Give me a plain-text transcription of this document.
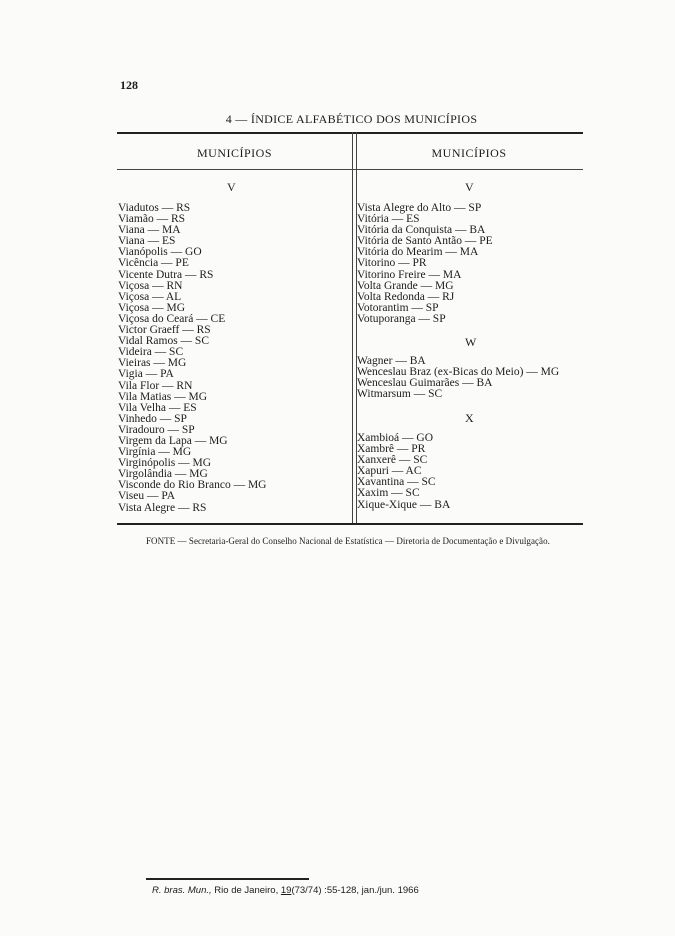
128
4 — ÍNDICE ALFABÉTICO DOS MUNICÍPIOS
MUNICÍPIOS	MUNICÍPIOS
V
Viadutos — RS
Viamão — RS
Viana — MA
Viana — ES
Vianópolis — GO
Vicência — PE
Vicente Dutra — RS
Viçosa — RN
Viçosa — AL
Viçosa — MG
Viçosa do Ceará — CE
Victor Graeff — RS
Vidal Ramos — SC
Videira — SC
Vieiras — MG
Vigia — PA
Vila Flor — RN
Vila Matias — MG
Vila Velha — ES
Vinhedo — SP
Viradouro — SP
Virgem da Lapa — MG
Virgínia — MG
Virginópolis — MG
Virgolândia — MG
Visconde do Rio Branco — MG
Viseu — PA
Vista Alegre — RS
V
Vista Alegre do Alto — SP
Vitória — ES
Vitória da Conquista — BA
Vitória de Santo Antão — PE
Vitória do Mearim — MA
Vitorino — PR
Vitorino Freire — MA
Volta Grande — MG
Volta Redonda — RJ
Votorantim — SP
Votuporanga — SP
W
Wagner — BA
Wenceslau Braz (ex-Bicas do Meio) — MG
Wenceslau Guimarães — BA
Witmarsum — SC
X
Xambioá — GO
Xambrê — PR
Xanxerê — SC
Xapuri — AC
Xavantina — SC
Xaxim — SC
Xique-Xique — BA
FONTE — Secretaria-Geral do Conselho Nacional de Estatística — Diretoria de Documentação e Divulgação.
R. bras. Mun., Rio de Janeiro, 19(73/74) :55-128, jan./jun. 1966
